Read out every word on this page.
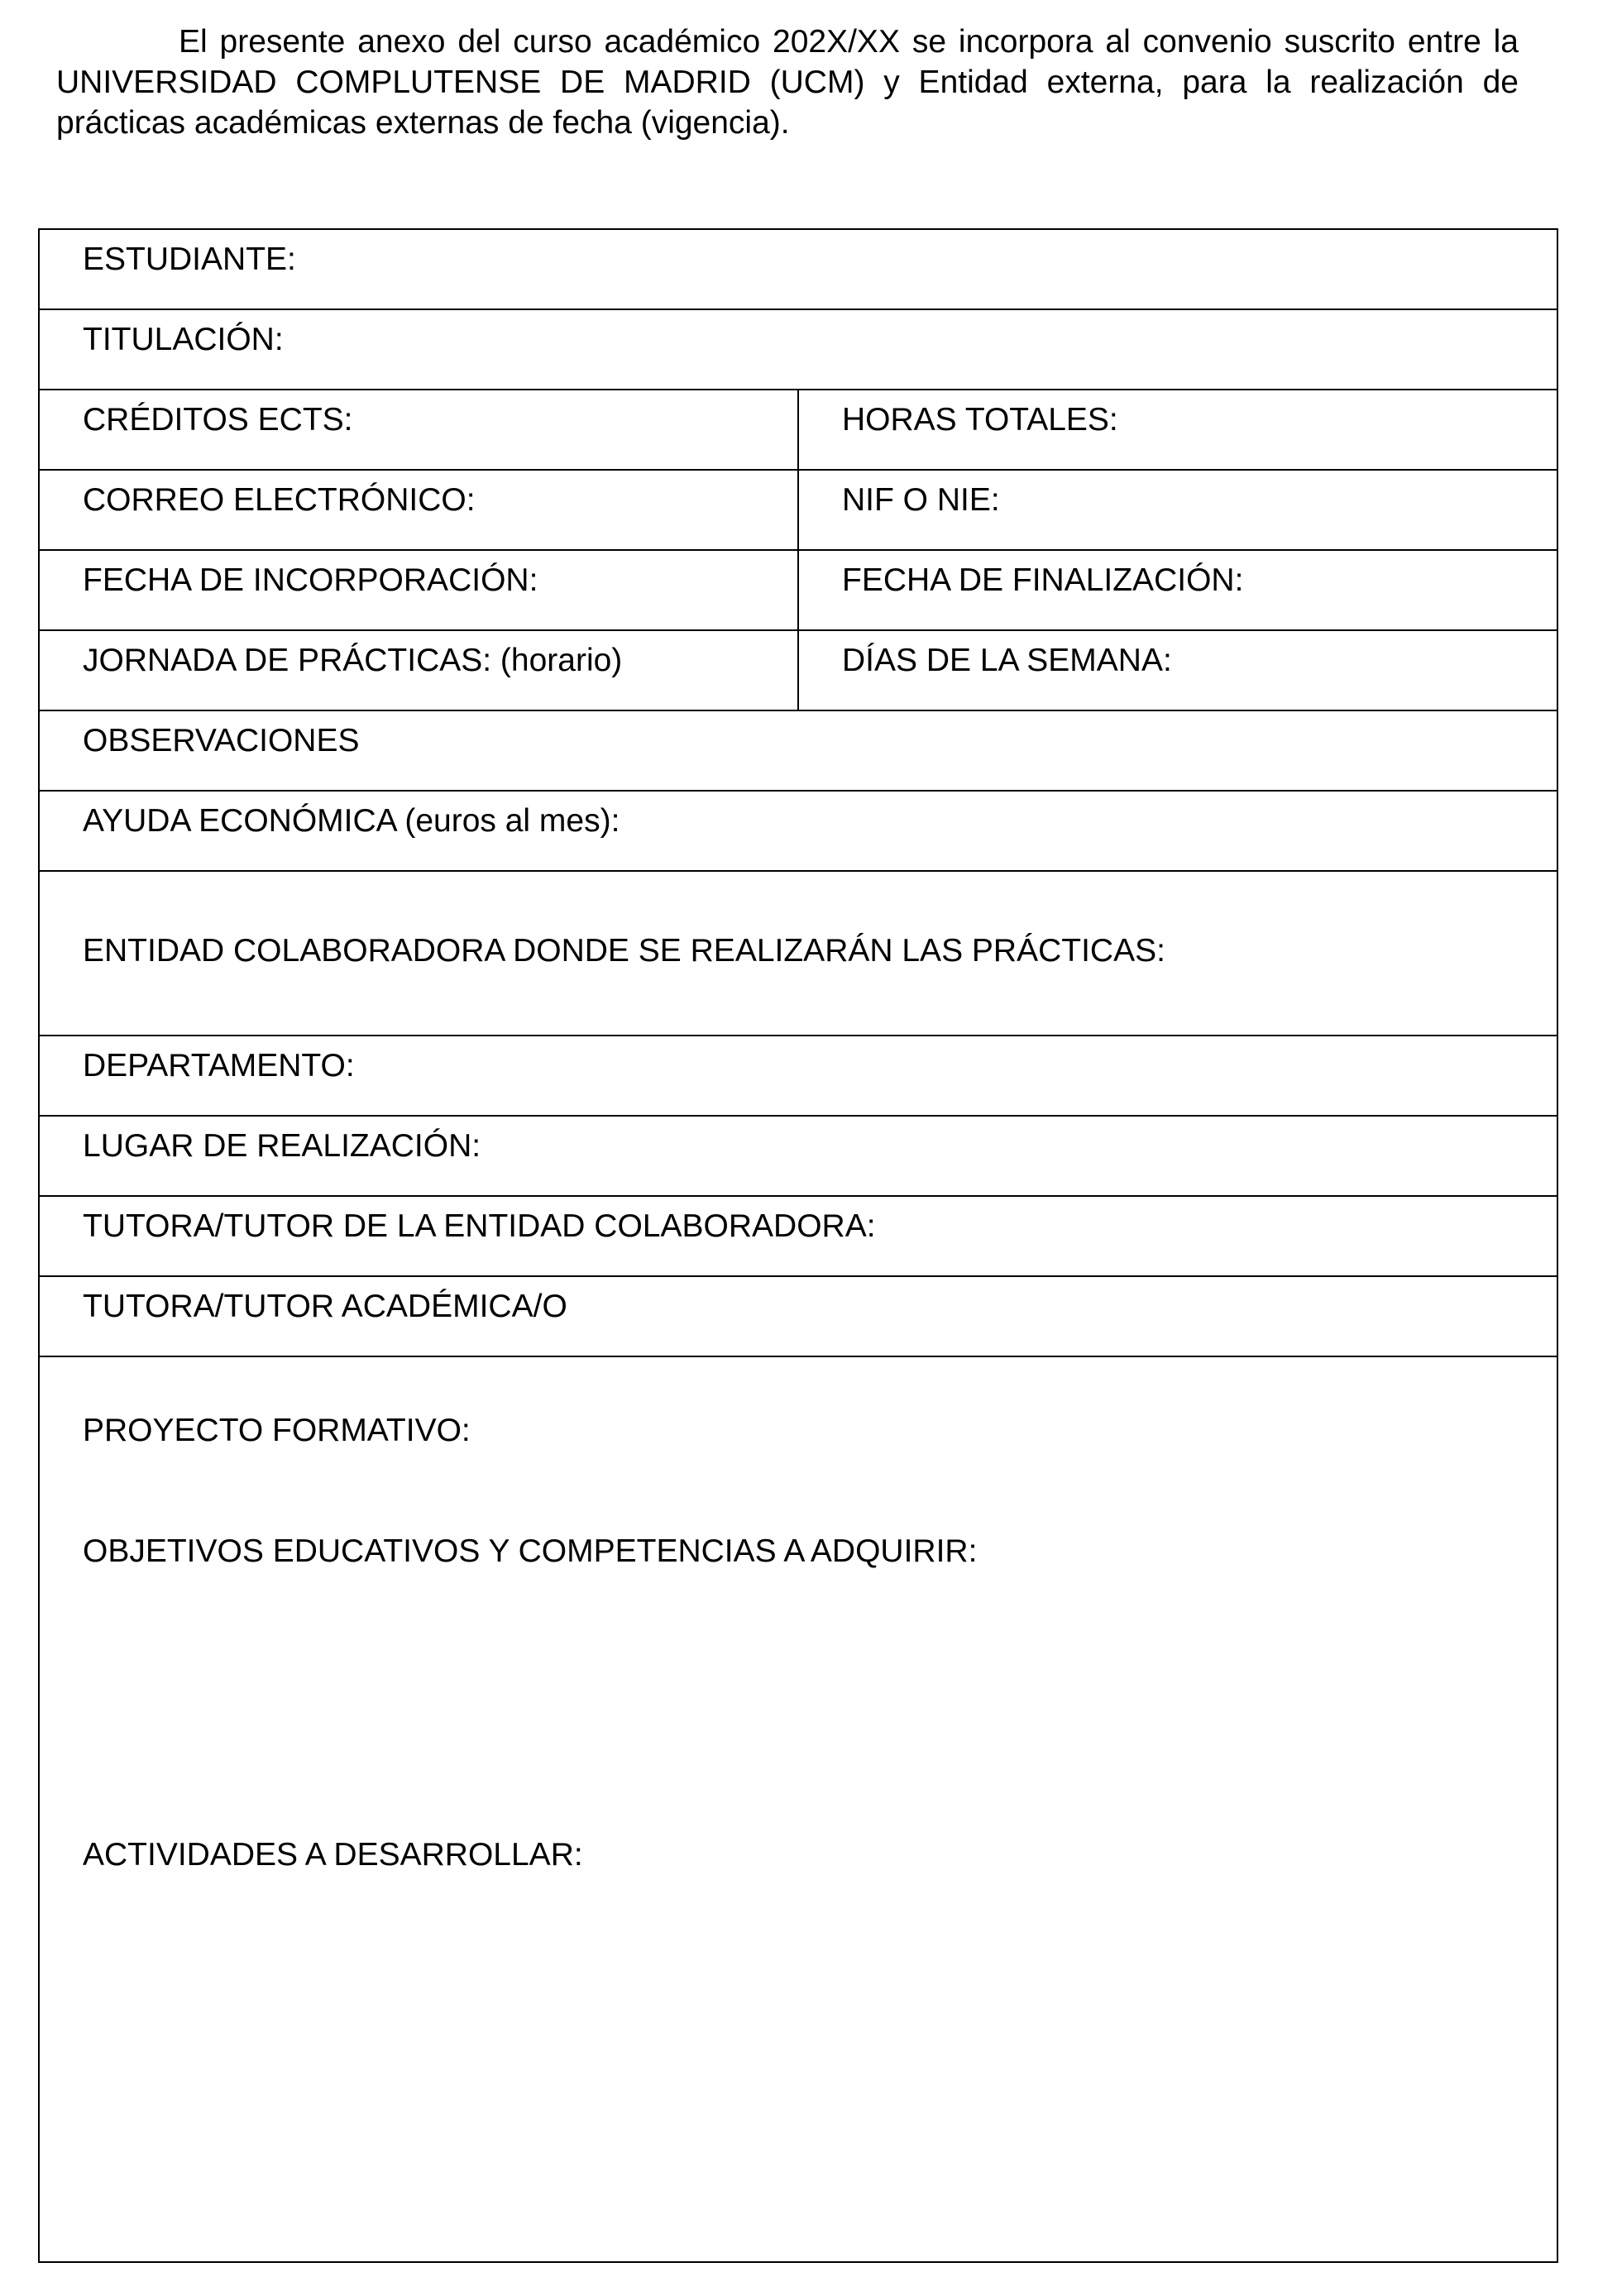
El presente anexo del curso académico 202X/XX se incorpora al convenio suscrito entre la UNIVERSIDAD COMPLUTENSE DE MADRID (UCM) y Entidad externa, para la realización de prácticas académicas externas de fecha (vigencia).

ESTUDIANTE:
TITULACIÓN:
CRÉDITOS ECTS:	HORAS TOTALES:
CORREO ELECTRÓNICO:	NIF O NIE:
FECHA DE INCORPORACIÓN:	FECHA DE FINALIZACIÓN:
JORNADA DE PRÁCTICAS: (horario)	DÍAS DE LA SEMANA:
OBSERVACIONES
AYUDA ECONÓMICA (euros al mes):
ENTIDAD COLABORADORA DONDE SE REALIZARÁN LAS PRÁCTICAS:
DEPARTAMENTO:
LUGAR DE REALIZACIÓN:
TUTORA/TUTOR DE LA ENTIDAD COLABORADORA:
TUTORA/TUTOR ACADÉMICA/O
PROYECTO FORMATIVO:
OBJETIVOS EDUCATIVOS Y COMPETENCIAS A ADQUIRIR:
ACTIVIDADES A DESARROLLAR:
